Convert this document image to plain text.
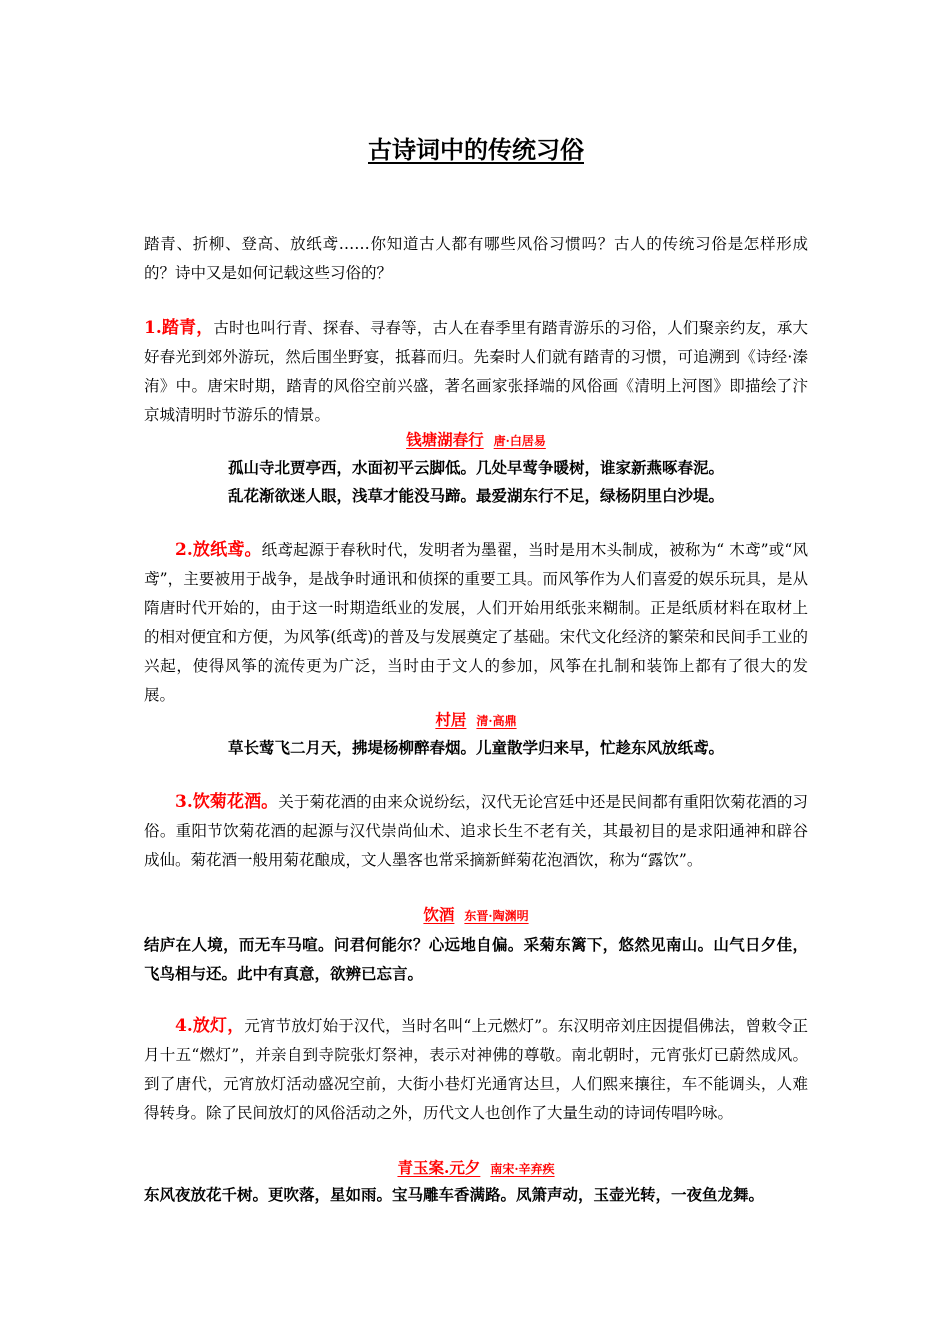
古诗词中的传统习俗

踏青、折柳、登高、放纸鸢……你知道古人都有哪些风俗习惯吗？古人的传统习俗是怎样形成的？诗中又是如何记载这些习俗的？

1.踏青，古时也叫行青、探春、寻春等，古人在春季里有踏青游乐的习俗，人们聚亲约友，承大好春光到郊外游玩，然后围坐野宴，抵暮而归。先秦时人们就有踏青的习惯，可追溯到《诗经·溱洧》中。唐宋时期，踏青的风俗空前兴盛，著名画家张择端的风俗画《清明上河图》即描绘了汴京城清明时节游乐的情景。

钱塘湖春行 唐·白居易

孤山寺北贾亭西，水面初平云脚低。几处早莺争暖树，谁家新燕啄春泥。

乱花渐欲迷人眼，浅草才能没马蹄。最爱湖东行不足，绿杨阴里白沙堤。

2.放纸鸢。纸鸢起源于春秋时代，发明者为墨翟，当时是用木头制成，被称为“ 木鸢”或“风鸢”，主要被用于战争，是战争时通讯和侦探的重要工具。而风筝作为人们喜爱的娱乐玩具，是从隋唐时代开始的，由于这一时期造纸业的发展，人们开始用纸张来糊制。正是纸质材料在取材上的相对便宜和方便，为风筝(纸鸢)的普及与发展奠定了基础。宋代文化经济的繁荣和民间手工业的兴起，使得风筝的流传更为广泛，当时由于文人的参加，风筝在扎制和装饰上都有了很大的发展。

村居 清·高鼎

草长莺飞二月天，拂堤杨柳醉春烟。儿童散学归来早，忙趁东风放纸鸢。

3.饮菊花酒。关于菊花酒的由来众说纷纭，汉代无论宫廷中还是民间都有重阳饮菊花酒的习俗。重阳节饮菊花酒的起源与汉代崇尚仙术、追求长生不老有关，其最初目的是求阳通神和辟谷成仙。菊花酒一般用菊花酿成，文人墨客也常采摘新鲜菊花泡酒饮，称为“露饮”。

饮酒 东晋·陶渊明

结庐在人境，而无车马喧。问君何能尔？心远地自偏。采菊东篱下，悠然见南山。山气日夕佳，飞鸟相与还。此中有真意，欲辨已忘言。

4.放灯，元宵节放灯始于汉代，当时名叫“上元燃灯”。东汉明帝刘庄因提倡佛法，曾敕令正月十五“燃灯”，并亲自到寺院张灯祭神，表示对神佛的尊敬。南北朝时，元宵张灯已蔚然成风。到了唐代，元宵放灯活动盛况空前，大街小巷灯光通宵达旦，人们熙来攘往，车不能调头，人难得转身。除了民间放灯的风俗活动之外，历代文人也创作了大量生动的诗词传唱吟咏。

青玉案.元夕 南宋·辛弃疾

东风夜放花千树。更吹落，星如雨。宝马雕车香满路。凤箫声动，玉壶光转，一夜鱼龙舞。
